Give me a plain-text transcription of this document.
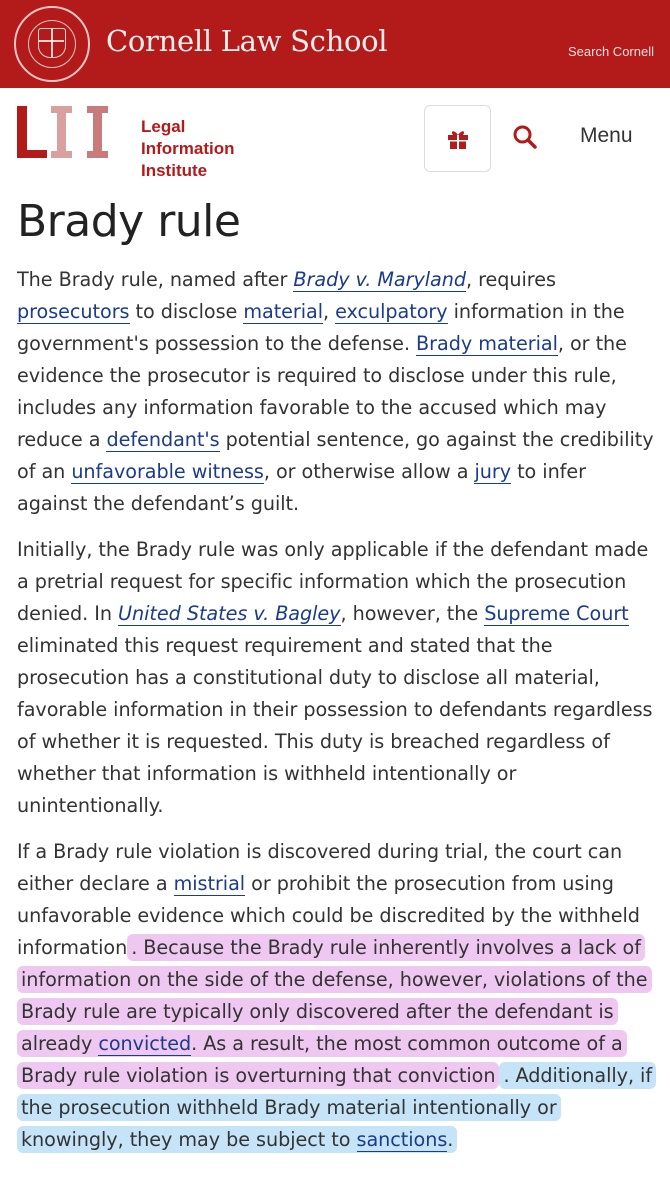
Cornell Law School	Search Cornell
Legal
Information
Institute
Menu
Brady rule

The Brady rule, named after Brady v. Maryland, requires prosecutors to disclose material, exculpatory information in the government's possession to the defense. Brady material, or the evidence the prosecutor is required to disclose under this rule, includes any information favorable to the accused which may reduce a defendant's potential sentence, go against the credibility of an unfavorable witness, or otherwise allow a jury to infer against the defendant’s guilt.

Initially, the Brady rule was only applicable if the defendant made a pretrial request for specific information which the prosecution denied. In United States v. Bagley, however, the Supreme Court eliminated this request requirement and stated that the prosecution has a constitutional duty to disclose all material, favorable information in their possession to defendants regardless of whether it is requested. This duty is breached regardless of whether that information is withheld intentionally or unintentionally.

If a Brady rule violation is discovered during trial, the court can either declare a mistrial or prohibit the prosecution from using unfavorable evidence which could be discredited by the withheld information . Because the Brady rule inherently involves a lack of information on the side of the defense, however, violations of the Brady rule are typically only discovered after the defendant is already convicted. As a result, the most common outcome of a Brady rule violation is overturning that conviction . Additionally, if the prosecution withheld Brady material intentionally or knowingly, they may be subject to sanctions.
